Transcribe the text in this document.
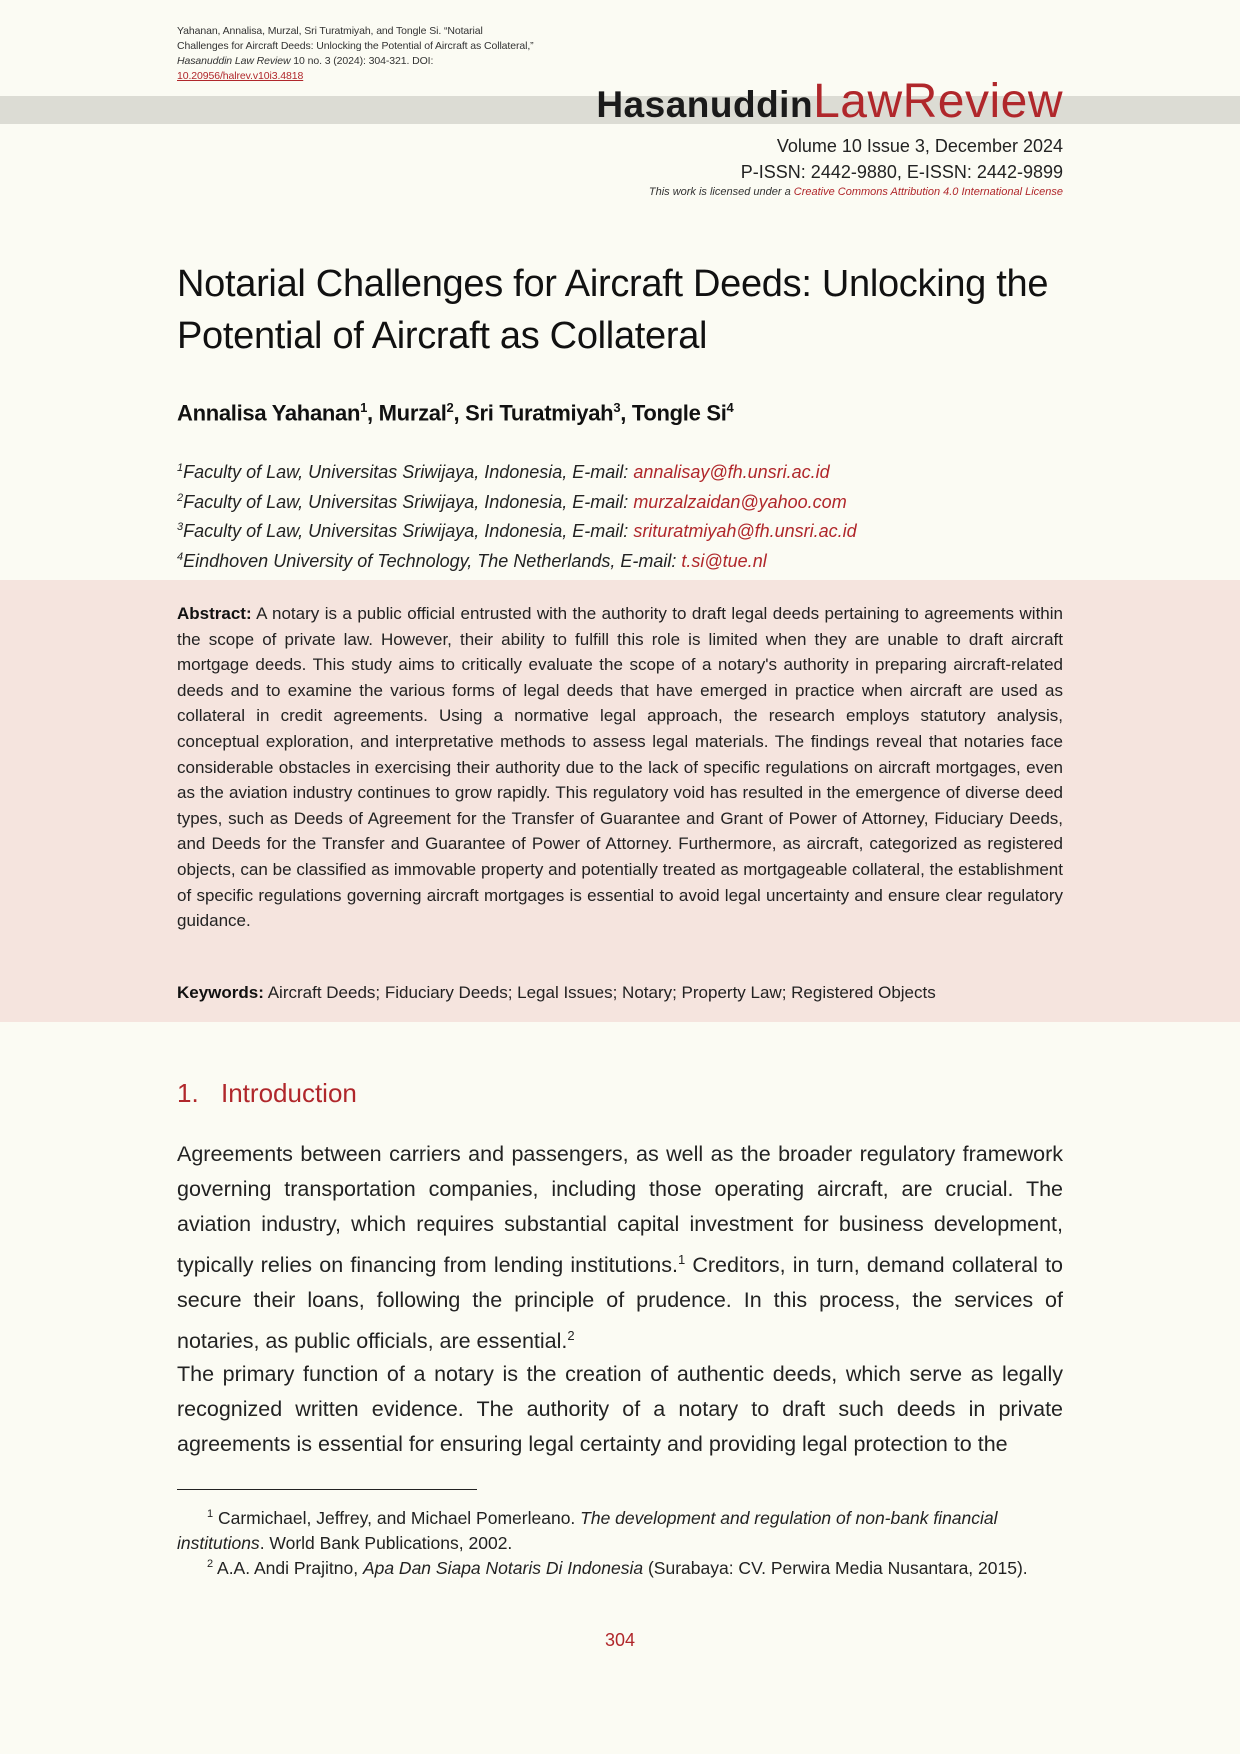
Yahanan, Annalisa, Murzal, Sri Turatmiyah, and Tongle Si. “Notarial Challenges for Aircraft Deeds: Unlocking the Potential of Aircraft as Collateral,” Hasanuddin Law Review 10 no. 3 (2024): 304-321. DOI:
10.20956/halrev.v10i3.4818
HasanuddinLawReview
Volume 10 Issue 3, December 2024
P-ISSN: 2442-9880, E-ISSN: 2442-9899
This work is licensed under a Creative Commons Attribution 4.0 International License
Notarial Challenges for Aircraft Deeds: Unlocking the Potential of Aircraft as Collateral
Annalisa Yahanan$^1$, Murzal$^2$, Sri Turatmiyah$^3$, Tongle Si$^4$
$^1$Faculty of Law, Universitas Sriwijaya, Indonesia, E-mail: annalisay@fh.unsri.ac.id
$^2$Faculty of Law, Universitas Sriwijaya, Indonesia, E-mail: murzalzaidan@yahoo.com
$^3$Faculty of Law, Universitas Sriwijaya, Indonesia, E-mail: srituratmiyah@fh.unsri.ac.id
$^4$Eindhoven University of Technology, The Netherlands, E-mail: t.si@tue.nl
Abstract: A notary is a public official entrusted with the authority to draft legal deeds pertaining to agreements within the scope of private law. However, their ability to fulfill this role is limited when they are unable to draft aircraft mortgage deeds. This study aims to critically evaluate the scope of a notary's authority in preparing aircraft-related deeds and to examine the various forms of legal deeds that have emerged in practice when aircraft are used as collateral in credit agreements. Using a normative legal approach, the research employs statutory analysis, conceptual exploration, and interpretative methods to assess legal materials. The findings reveal that notaries face considerable obstacles in exercising their authority due to the lack of specific regulations on aircraft mortgages, even as the aviation industry continues to grow rapidly. This regulatory void has resulted in the emergence of diverse deed types, such as Deeds of Agreement for the Transfer of Guarantee and Grant of Power of Attorney, Fiduciary Deeds, and Deeds for the Transfer and Guarantee of Power of Attorney. Furthermore, as aircraft, categorized as registered objects, can be classified as immovable property and potentially treated as mortgageable collateral, the establishment of specific regulations governing aircraft mortgages is essential to avoid legal uncertainty and ensure clear regulatory guidance.
Keywords: Aircraft Deeds; Fiduciary Deeds; Legal Issues; Notary; Property Law; Registered Objects
1. Introduction
Agreements between carriers and passengers, as well as the broader regulatory framework governing transportation companies, including those operating aircraft, are crucial. The aviation industry, which requires substantial capital investment for business development, typically relies on financing from lending institutions.$^1$ Creditors, in turn, demand collateral to secure their loans, following the principle of prudence. In this process, the services of notaries, as public officials, are essential.$^2$
The primary function of a notary is the creation of authentic deeds, which serve as legally recognized written evidence. The authority of a notary to draft such deeds in private agreements is essential for ensuring legal certainty and providing legal protection to the
$^1$ Carmichael, Jeffrey, and Michael Pomerleano. The development and regulation of non-bank financial institutions. World Bank Publications, 2002.
$^2$ A.A. Andi Prajitno, Apa Dan Siapa Notaris Di Indonesia (Surabaya: CV. Perwira Media Nusantara, 2015).
304
